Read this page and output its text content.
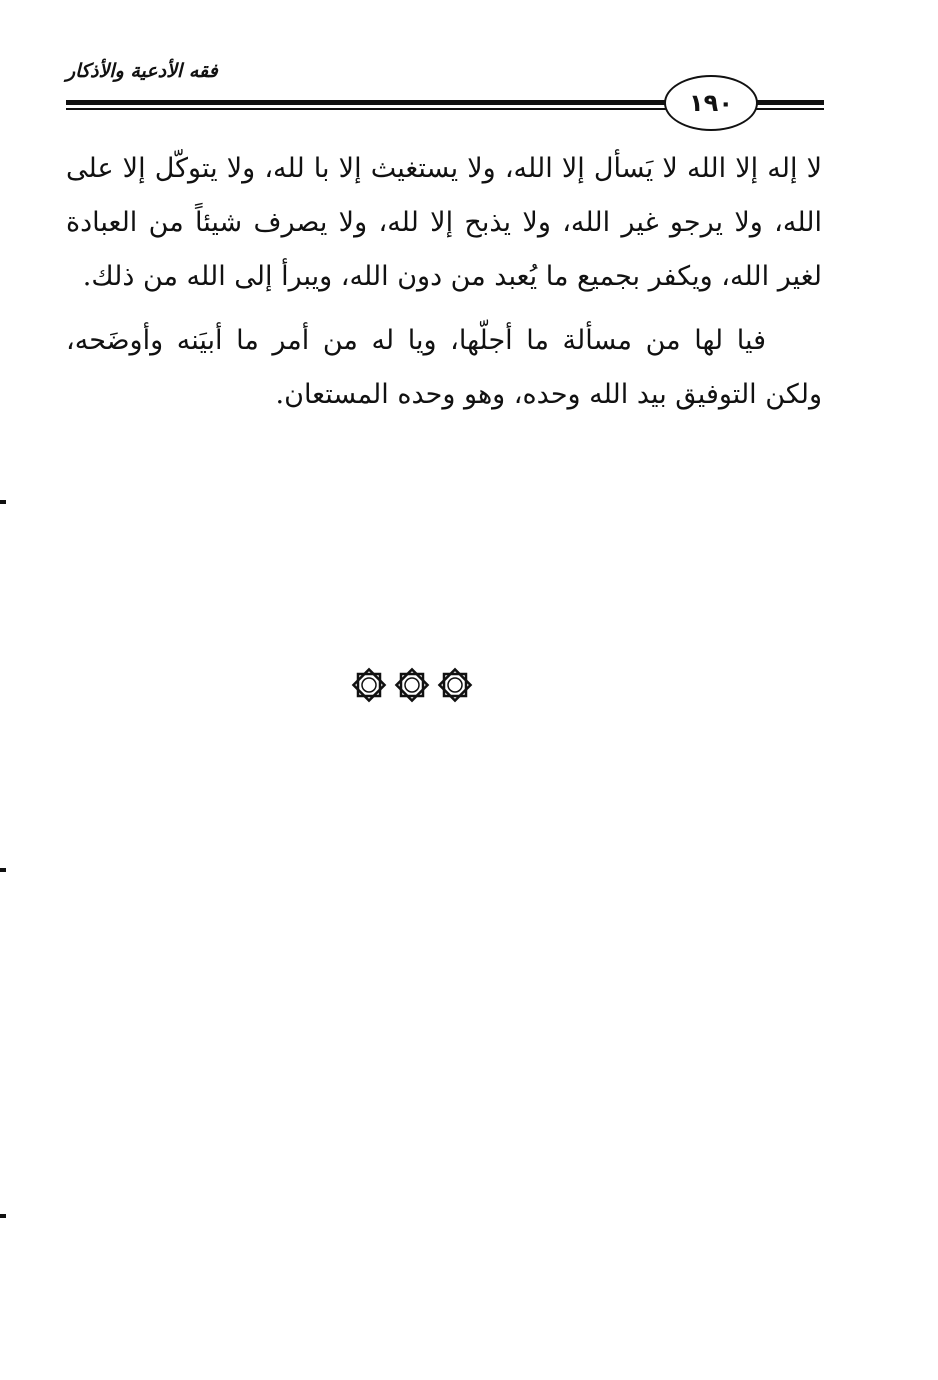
فقه الأدعية والأذكار
١٩٠

لا إله إلا الله لا يَسأل إلا الله، ولا يستغيث إلا با لله، ولا يتوكّل إلا على الله، ولا يرجو غير الله، ولا يذبح إلا لله، ولا يصرف شيئاً من العبادة لغير الله، ويكفر بجميع ما يُعبد من دون الله، ويبرأ إلى الله من ذلك.

فيا لها من مسألة ما أجلّها، ويا له من أمر ما أبيَنه وأوضَحه، ولكن التوفيق بيد الله وحده، وهو وحده المستعان.
